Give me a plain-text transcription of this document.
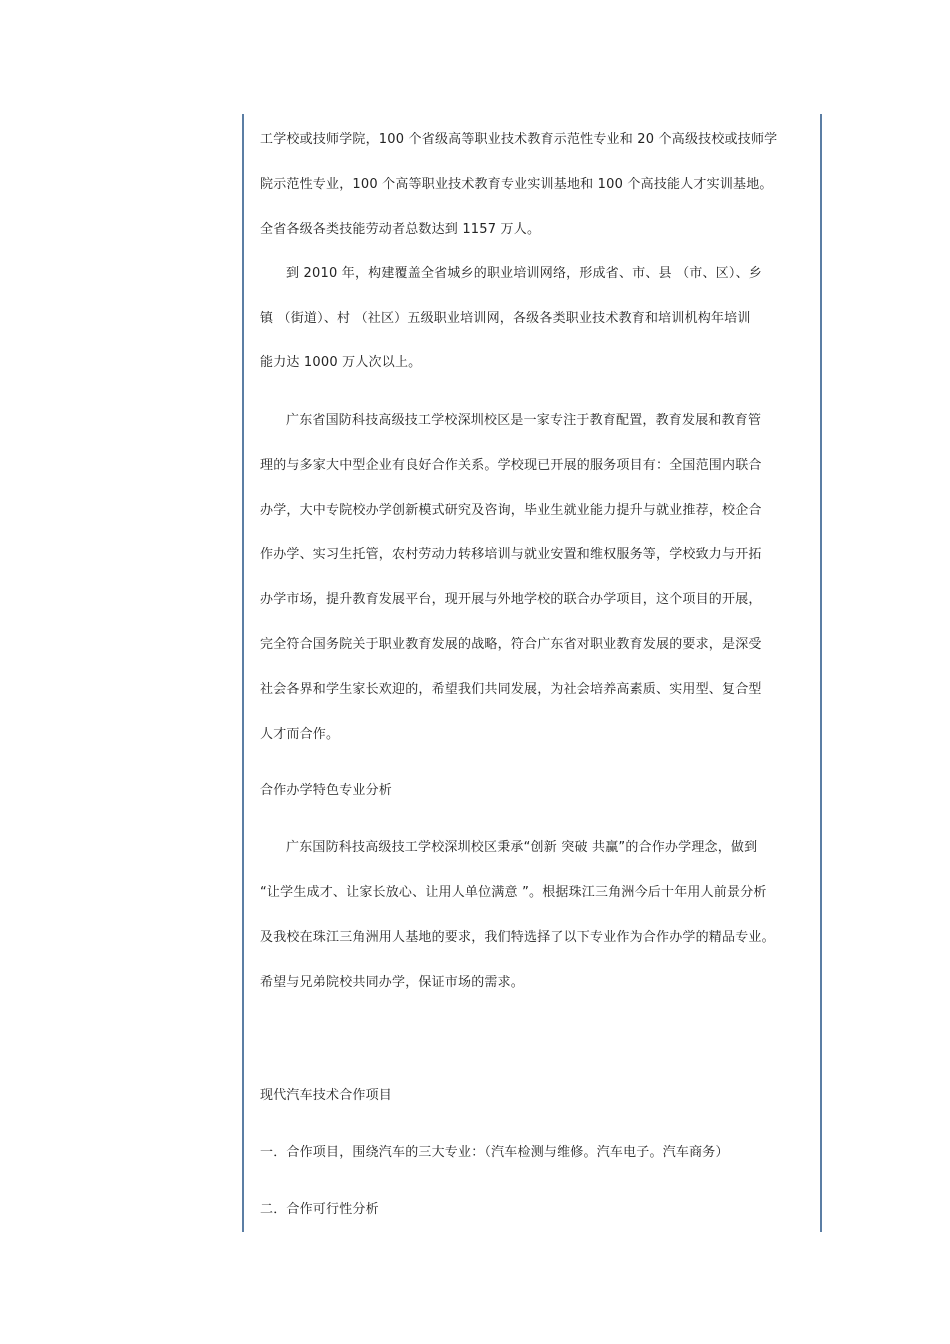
工学校或技师学院，100 个省级高等职业技术教育示范性专业和 20 个高级技校或技师学
院示范性专业，100 个高等职业技术教育专业实训基地和 100 个高技能人才实训基地。
全省各级各类技能劳动者总数达到 1157 万人。
到 2010 年，构建覆盖全省城乡的职业培训网络，形成省、市、县 （市、区）、乡
镇 （街道）、村 （社区）五级职业培训网，各级各类职业技术教育和培训机构年培训
能力达 1000 万人次以上。
广东省国防科技高级技工学校深圳校区是一家专注于教育配置，教育发展和教育管
理的与多家大中型企业有良好合作关系。学校现已开展的服务项目有：全国范围内联合
办学，大中专院校办学创新模式研究及咨询，毕业生就业能力提升与就业推荐，校企合
作办学、实习生托管，农村劳动力转移培训与就业安置和维权服务等，学校致力与开拓
办学市场，提升教育发展平台，现开展与外地学校的联合办学项目，这个项目的开展，
完全符合国务院关于职业教育发展的战略，符合广东省对职业教育发展的要求，是深受
社会各界和学生家长欢迎的，希望我们共同发展，为社会培养高素质、实用型、复合型
人才而合作。
合作办学特色专业分析
广东国防科技高级技工学校深圳校区秉承“创新 突破 共赢”的合作办学理念，做到
“让学生成才、让家长放心、让用人单位满意 ”。根据珠江三角洲今后十年用人前景分析
及我校在珠江三角洲用人基地的要求，我们特选择了以下专业作为合作办学的精品专业。
希望与兄弟院校共同办学，保证市场的需求。
现代汽车技术合作项目
一．合作项目，围绕汽车的三大专业：（汽车检测与维修。汽车电子。汽车商务）
二．合作可行性分析
